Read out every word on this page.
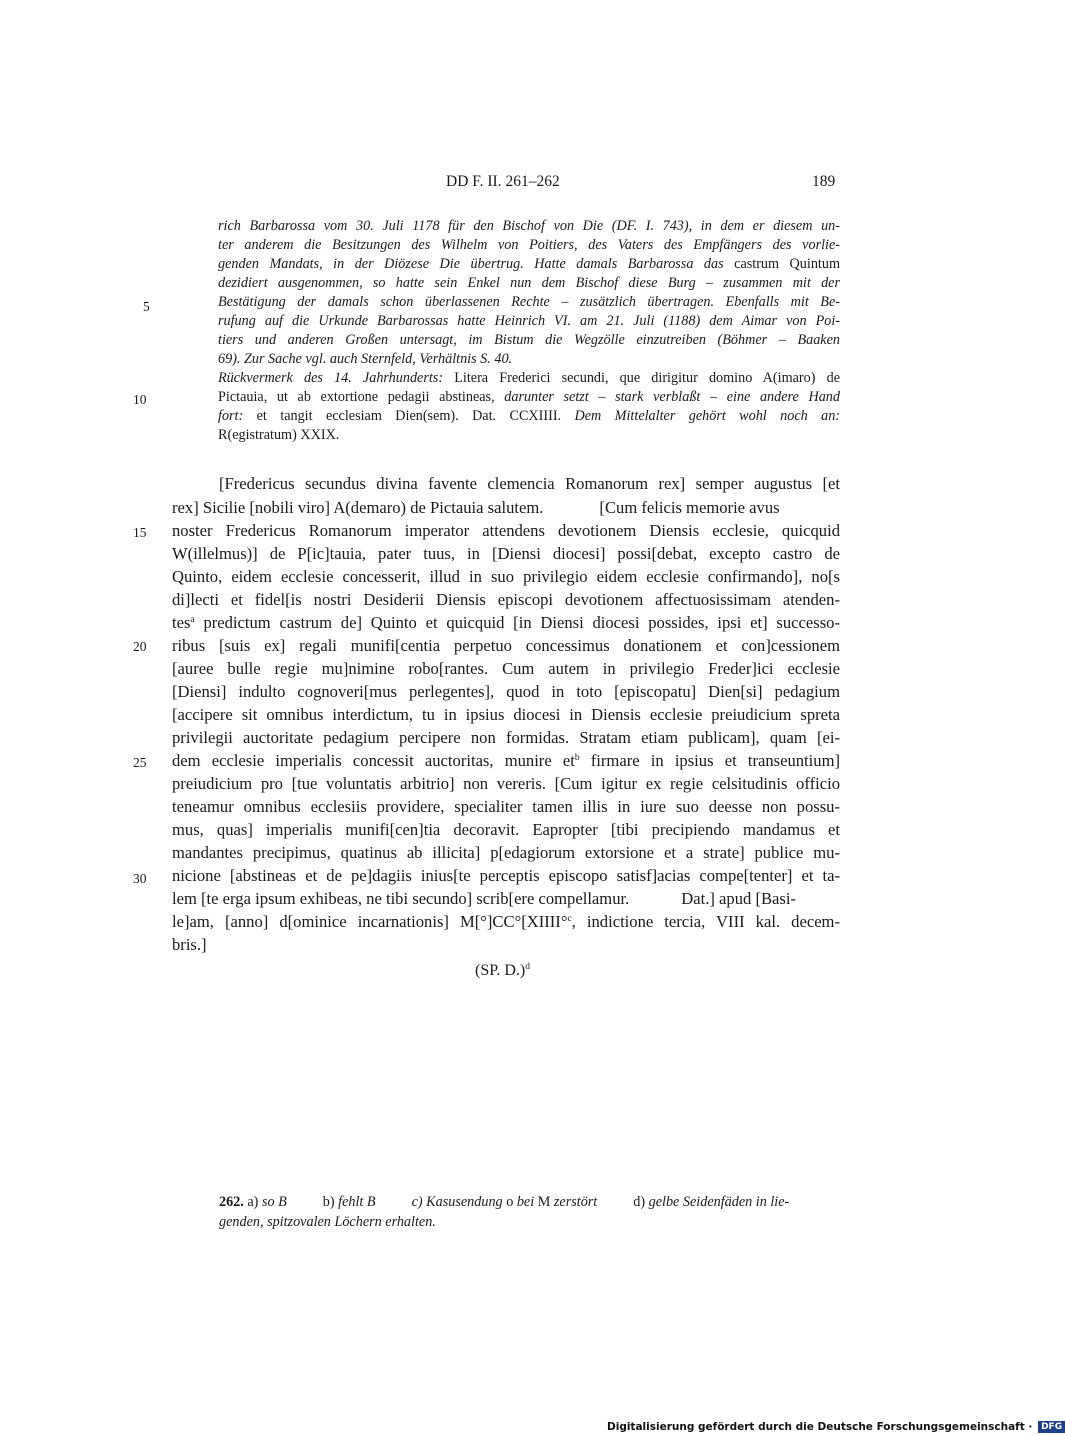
DD F. II. 261–262	189
5
10
15
20
25
30
rich Barbarossa vom 30. Juli 1178 für den Bischof von Die (DF. I. 743), in dem er diesem un-
ter anderem die Besitzungen des Wilhelm von Poitiers, des Vaters des Empfängers des vorlie-
genden Mandats, in der Diözese Die übertrug. Hatte damals Barbarossa das castrum Quintum
dezidiert ausgenommen, so hatte sein Enkel nun dem Bischof diese Burg – zusammen mit der
Bestätigung der damals schon überlassenen Rechte – zusätzlich übertragen. Ebenfalls mit Be-
rufung auf die Urkunde Barbarossas hatte Heinrich VI. am 21. Juli (1188) dem Aimar von Poi-
tiers und anderen Großen untersagt, im Bistum die Wegzölle einzutreiben (Böhmer – Baaken
69). Zur Sache vgl. auch Sternfeld, Verhältnis S. 40.
Rückvermerk des 14. Jahrhunderts: Litera Frederici secundi, que dirigitur domino A(imaro) de
Pictauia, ut ab extortione pedagii abstineas, darunter setzt – stark verblaßt – eine andere Hand
fort: et tangit ecclesiam Dien(sem). Dat. CCXIIII. Dem Mittelalter gehört wohl noch an:
R(egistratum) XXIX.
[Fredericus secundus divina favente clemencia Romanorum rex] semper augustus [et
rex] Sicilie [nobili viro] A(demaro) de Pictauia salutem.	[Cum felicis memorie avus
noster Fredericus Romanorum imperator attendens devotionem Diensis ecclesie, quicquid
W(illelmus)] de P[ic]tauia, pater tuus, in [Diensi diocesi] possi[debat, excepto castro de
Quinto, eidem ecclesie concesserit, illud in suo privilegio eidem ecclesie confirmando], no[s
di]lecti et fidel[is nostri Desiderii Diensis episcopi devotionem affectuosissimam atenden-
tes$^a$ predictum castrum de] Quinto et quicquid [in Diensi diocesi possides, ipsi et] successo-
ribus [suis ex] regali munifi[centia perpetuo concessimus donationem et con]cessionem
[auree bulle regie mu]nimine robo[rantes. Cum autem in privilegio Freder]ici ecclesie
[Diensi] indulto cognoveri[mus perlegentes], quod in toto [episcopatu] Dien[si] pedagium
[accipere sit omnibus interdictum, tu in ipsius diocesi in Diensis ecclesie preiudicium spreta
privilegii auctoritate pedagium percipere non formidas. Stratam etiam publicam], quam [ei-
dem ecclesie imperialis concessit auctoritas, munire $et^b$ firmare in ipsius et transeuntium]
preiudicium pro [tue voluntatis arbitrio] non vereris. [Cum igitur ex regie celsitudinis officio
teneamur omnibus ecclesiis providere, specialiter tamen illis in iure suo deesse non possu-
mus, quas] imperialis munifi[cen]tia decoravit. Eapropter [tibi precipiendo mandamus et
mandantes precipimus, quatinus ab illicita] p[edagiorum extorsione et a strate] publice mu-
nicione [abstineas et de pe]dagiis inius[te perceptis episcopo satisf]acias compe[tenter] et ta-
lem [te erga ipsum exhibeas, ne tibi secundo] scrib[ere compellamur.	Dat.] apud [Basi-
le]am, [anno] d[ominice incarnationis] M[°]CC°[XIIII°$^c$, indictione tercia, VIII kal. decem-
bris.]
(SP. D.)$^d$
262. a) so B	b) fehlt B	c) Kasusendung o bei M zerstört	d) gelbe Seidenfäden in lie-
genden, spitzovalen Löchern erhalten.
Digitalisierung gefördert durch die Deutsche Forschungsgemeinschaft · DFG
